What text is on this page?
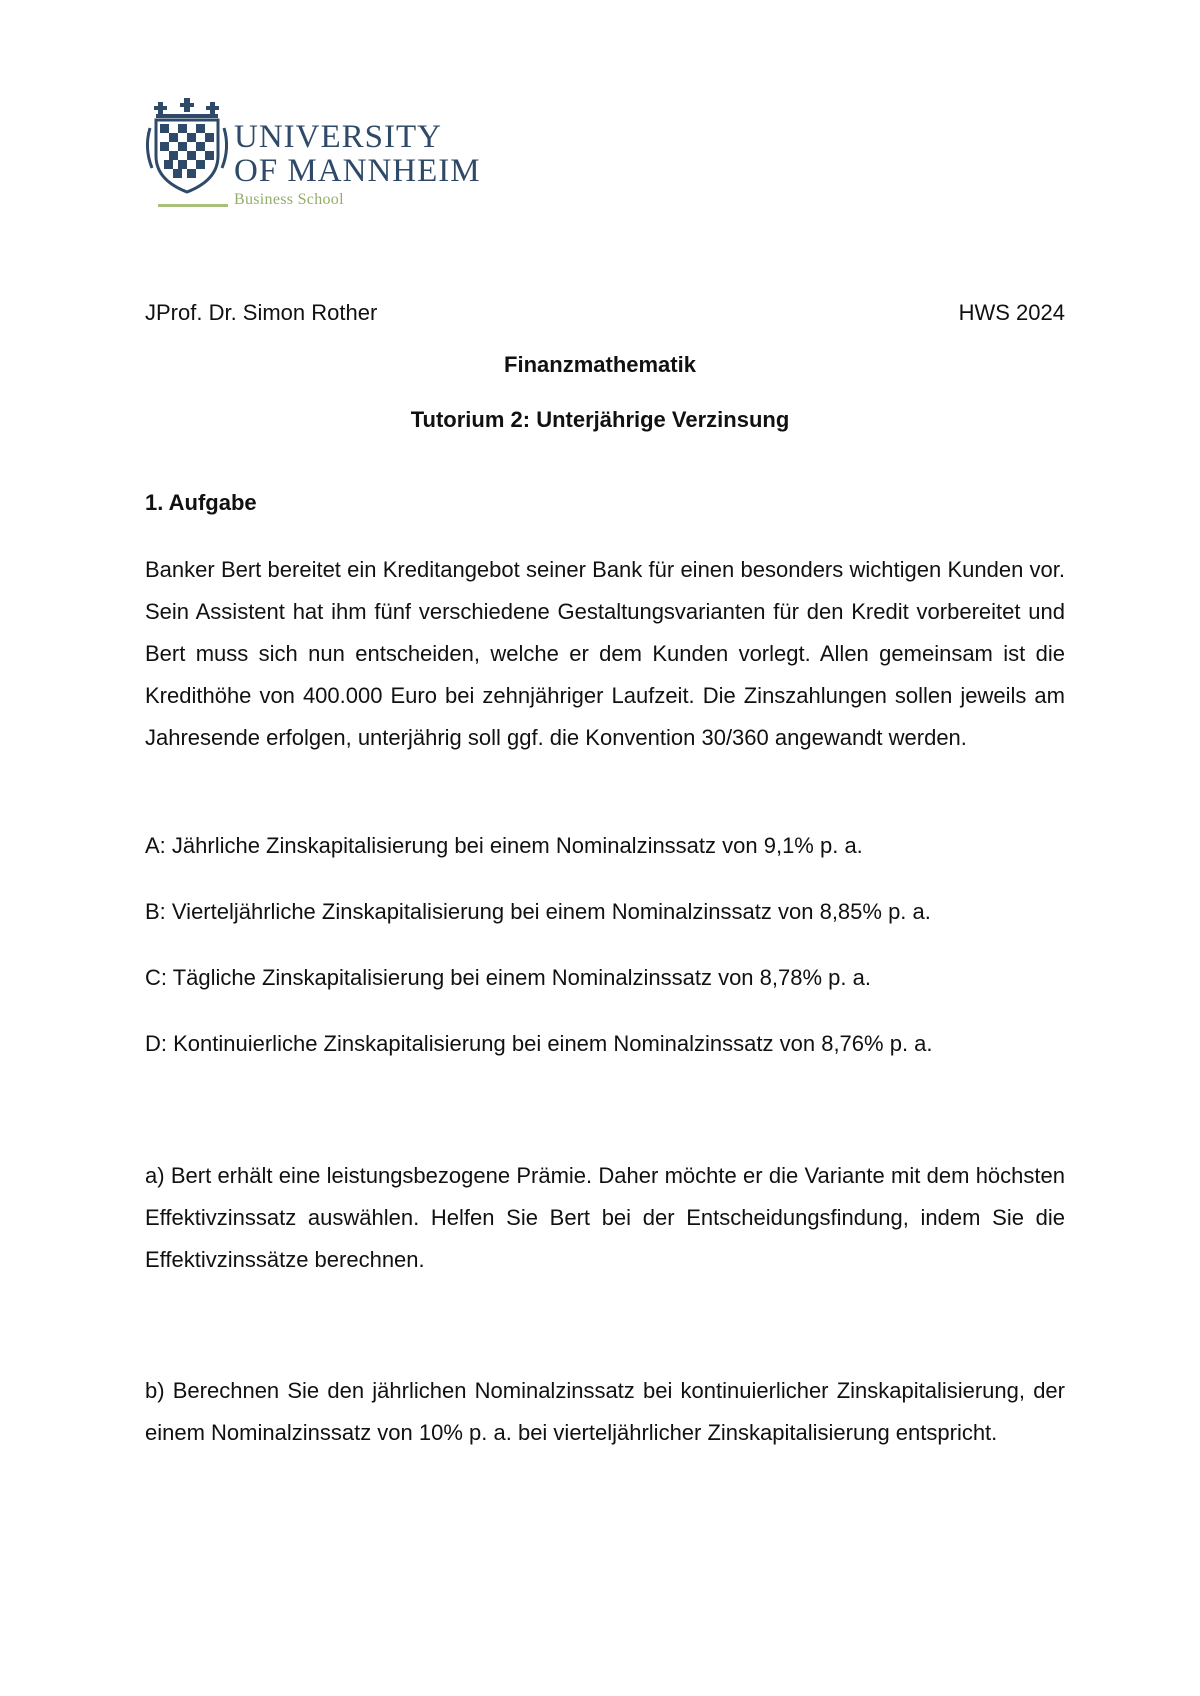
UNIVERSITY
OF MANNHEIM
Business School
JProf. Dr. Simon Rother	HWS 2024
Finanzmathematik
Tutorium 2: Unterjährige Verzinsung
1. Aufgabe
Banker Bert bereitet ein Kreditangebot seiner Bank für einen besonders wichtigen Kunden vor. Sein Assistent hat ihm fünf verschiedene Gestaltungsvarianten für den Kredit vorbereitet und Bert muss sich nun entscheiden, welche er dem Kunden vorlegt. Allen gemeinsam ist die Kredithöhe von 400.000 Euro bei zehnjähriger Laufzeit. Die Zinszahlungen sollen jeweils am Jahresende erfolgen, unterjährig soll ggf. die Konvention 30/360 angewandt werden.
A: Jährliche Zinskapitalisierung bei einem Nominalzinssatz von 9,1% p. a.
B: Vierteljährliche Zinskapitalisierung bei einem Nominalzinssatz von 8,85% p. a.
C: Tägliche Zinskapitalisierung bei einem Nominalzinssatz von 8,78% p. a.
D: Kontinuierliche Zinskapitalisierung bei einem Nominalzinssatz von 8,76% p. a.
a) Bert erhält eine leistungsbezogene Prämie. Daher möchte er die Variante mit dem höchsten Effektivzinssatz auswählen. Helfen Sie Bert bei der Entscheidungsfindung, indem Sie die Effektivzinssätze berechnen.
b) Berechnen Sie den jährlichen Nominalzinssatz bei kontinuierlicher Zinskapitalisierung, der einem Nominalzinssatz von 10% p. a. bei vierteljährlicher Zinskapitalisierung entspricht.
